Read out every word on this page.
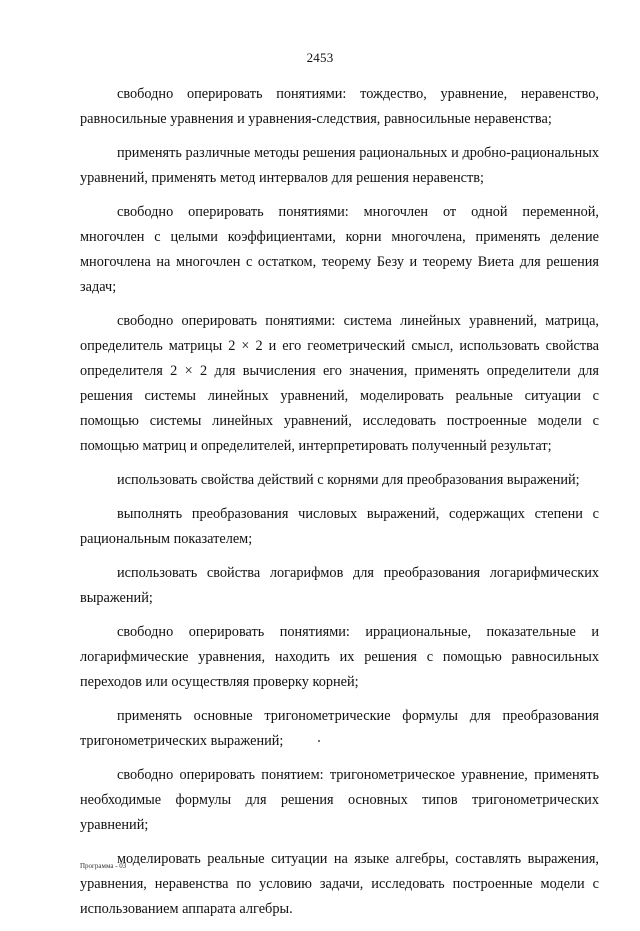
2453

свободно оперировать понятиями: тождество, уравнение, неравенство, равносильные уравнения и уравнения-следствия, равносильные неравенства;

применять различные методы решения рациональных и дробно-рациональных уравнений, применять метод интервалов для решения неравенств;

свободно оперировать понятиями: многочлен от одной переменной, многочлен с целыми коэффициентами, корни многочлена, применять деление многочлена на многочлен с остатком, теорему Безу и теорему Виета для решения задач;

свободно оперировать понятиями: система линейных уравнений, матрица, определитель матрицы 2 × 2 и его геометрический смысл, использовать свойства определителя 2 × 2 для вычисления его значения, применять определители для решения системы линейных уравнений, моделировать реальные ситуации с помощью системы линейных уравнений, исследовать построенные модели с помощью матриц и определителей, интерпретировать полученный результат;

использовать свойства действий с корнями для преобразования выражений;

выполнять преобразования числовых выражений, содержащих степени с рациональным показателем;

использовать свойства логарифмов для преобразования логарифмических выражений;

свободно оперировать понятиями: иррациональные, показательные и логарифмические уравнения, находить их решения с помощью равносильных переходов или осуществляя проверку корней;

применять основные тригонометрические формулы для преобразования тригонометрических выражений;

свободно оперировать понятием: тригонометрическое уравнение, применять необходимые формулы для решения основных типов тригонометрических уравнений;

моделировать реальные ситуации на языке алгебры, составлять выражения, уравнения, неравенства по условию задачи, исследовать построенные модели с использованием аппарата алгебры.

Программа - 03
